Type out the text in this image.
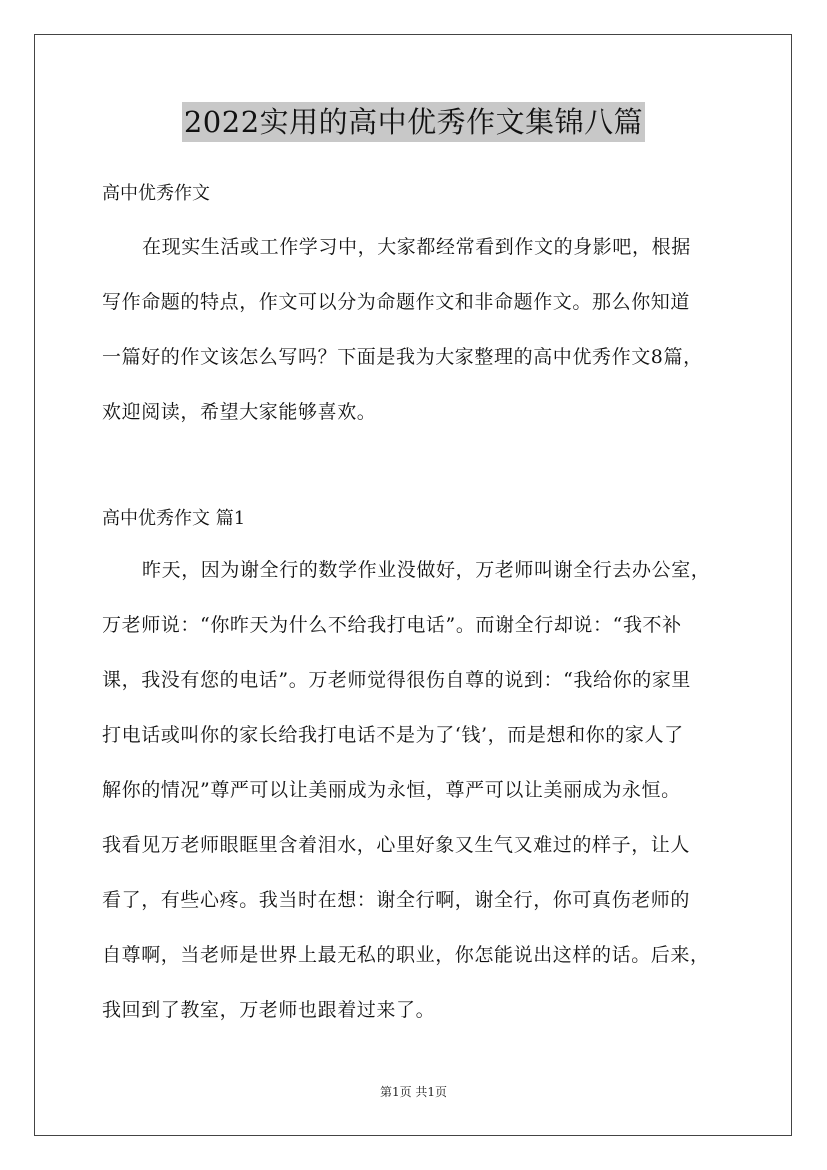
2022实用的高中优秀作文集锦八篇
高中优秀作文
在现实生活或工作学习中，大家都经常看到作文的身影吧，根据
写作命题的特点，作文可以分为命题作文和非命题作文。那么你知道
一篇好的作文该怎么写吗？下面是我为大家整理的高中优秀作文8篇，
欢迎阅读，希望大家能够喜欢。
高中优秀作文 篇1
昨天，因为谢全行的数学作业没做好，万老师叫谢全行去办公室，
万老师说：“你昨天为什么不给我打电话”。而谢全行却说：“我不补
课，我没有您的电话”。万老师觉得很伤自尊的说到：“我给你的家里
打电话或叫你的家长给我打电话不是为了‘钱’，而是想和你的家人了
解你的情况”尊严可以让美丽成为永恒，尊严可以让美丽成为永恒。
我看见万老师眼眶里含着泪水，心里好象又生气又难过的样子，让人
看了，有些心疼。我当时在想：谢全行啊，谢全行，你可真伤老师的
自尊啊，当老师是世界上最无私的职业，你怎能说出这样的话。后来，
我回到了教室，万老师也跟着过来了。
第1页 共1页
